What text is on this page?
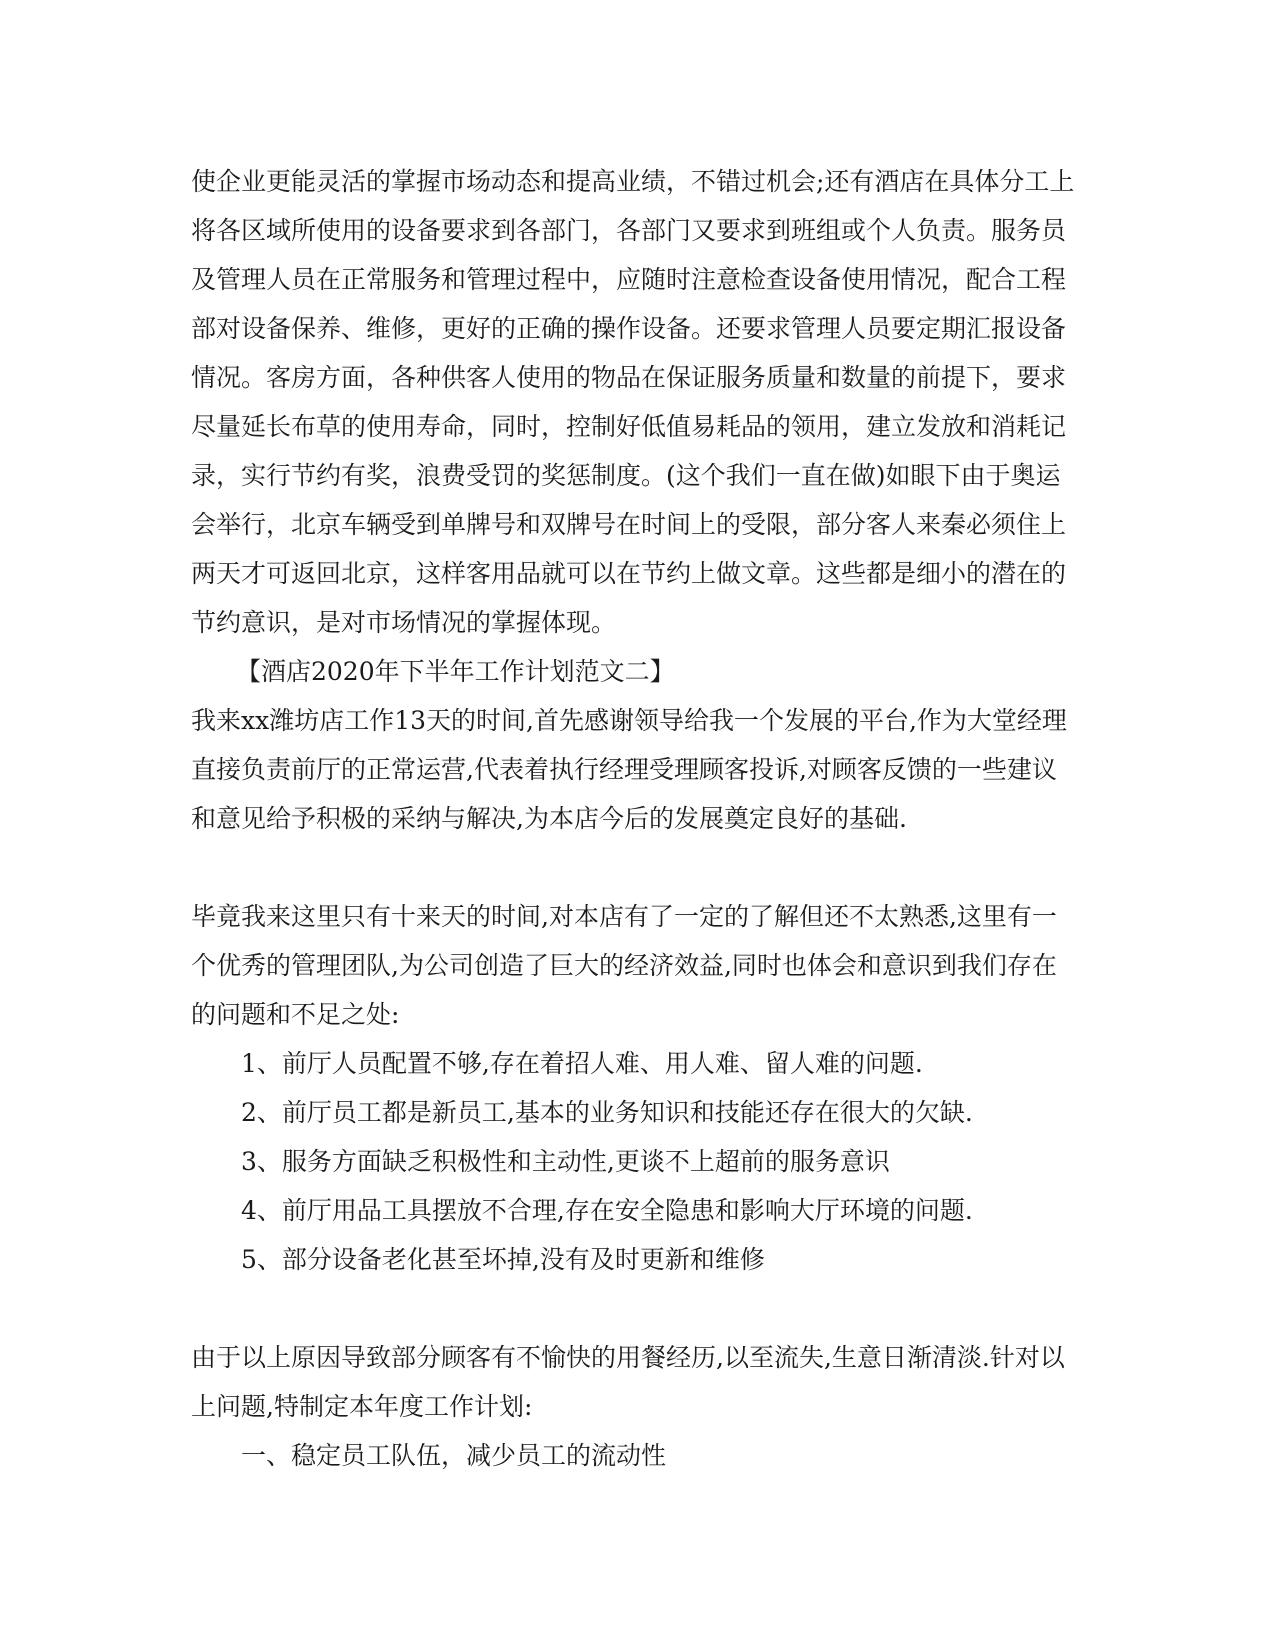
使企业更能灵活的掌握市场动态和提高业绩，不错过机会;还有酒店在具体分工上

将各区域所使用的设备要求到各部门，各部门又要求到班组或个人负责。服务员

及管理人员在正常服务和管理过程中，应随时注意检查设备使用情况，配合工程

部对设备保养、维修，更好的正确的操作设备。还要求管理人员要定期汇报设备

情况。客房方面，各种供客人使用的物品在保证服务质量和数量的前提下，要求

尽量延长布草的使用寿命，同时，控制好低值易耗品的领用，建立发放和消耗记

录，实行节约有奖，浪费受罚的奖惩制度。(这个我们一直在做)如眼下由于奥运

会举行，北京车辆受到单牌号和双牌号在时间上的受限，部分客人来秦必须住上

两天才可返回北京，这样客用品就可以在节约上做文章。这些都是细小的潜在的

节约意识，是对市场情况的掌握体现。

【酒店2020年下半年工作计划范文二】

我来xx潍坊店工作13天的时间,首先感谢领导给我一个发展的平台,作为大堂经理

直接负责前厅的正常运营,代表着执行经理受理顾客投诉,对顾客反馈的一些建议

和意见给予积极的采纳与解决,为本店今后的发展奠定良好的基础.

毕竟我来这里只有十来天的时间,对本店有了一定的了解但还不太熟悉,这里有一

个优秀的管理团队,为公司创造了巨大的经济效益,同时也体会和意识到我们存在

的问题和不足之处:

1、前厅人员配置不够,存在着招人难、用人难、留人难的问题.

2、前厅员工都是新员工,基本的业务知识和技能还存在很大的欠缺.

3、服务方面缺乏积极性和主动性,更谈不上超前的服务意识

4、前厅用品工具摆放不合理,存在安全隐患和影响大厅环境的问题.

5、部分设备老化甚至坏掉,没有及时更新和维修

由于以上原因导致部分顾客有不愉快的用餐经历,以至流失,生意日渐清淡.针对以

上问题,特制定本年度工作计划:

一、稳定员工队伍，减少员工的流动性
